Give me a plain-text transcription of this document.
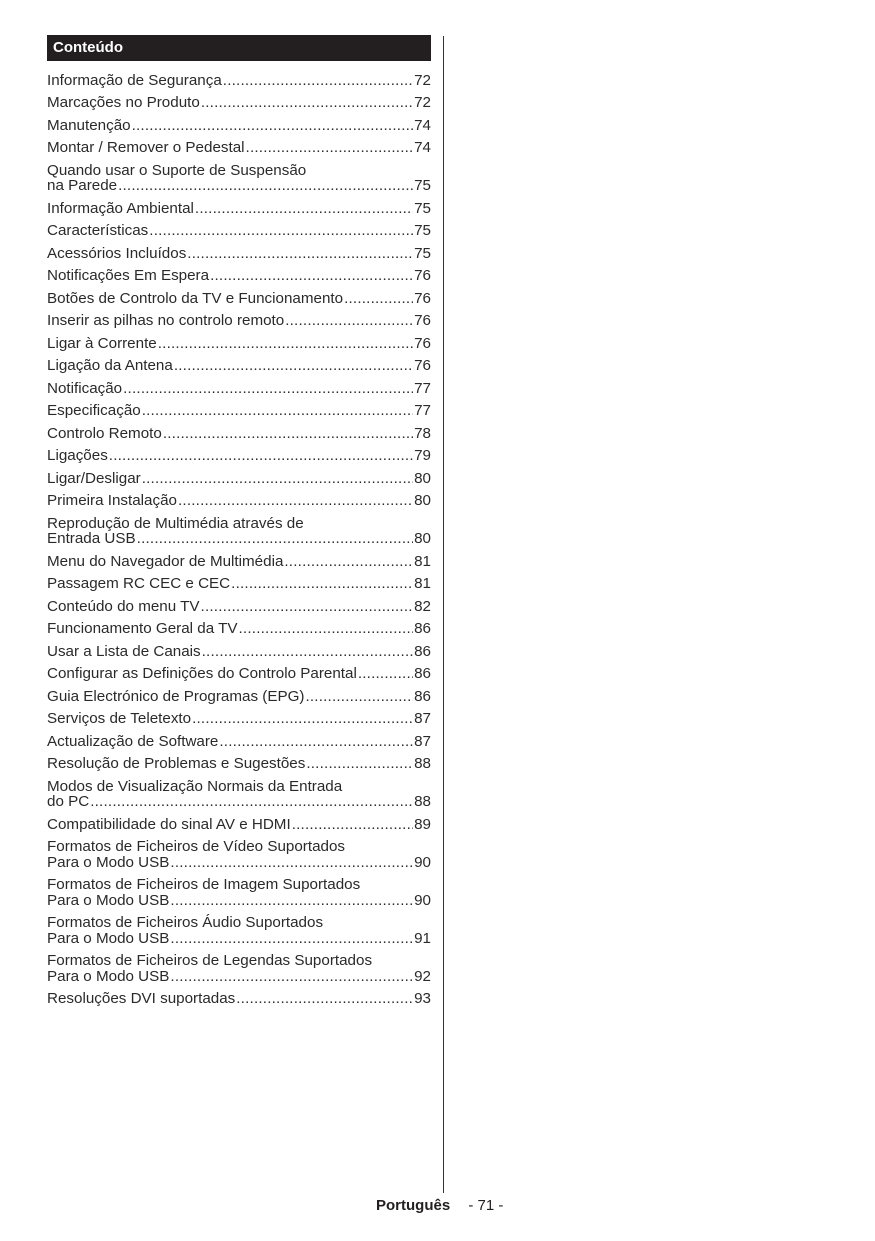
Conteúdo
Informação de Segurança .....	72
Marcações no Produto .....	72
Manutenção .....	74
Montar / Remover o Pedestal .....	74
Quando usar o Suporte de Suspensão
na Parede .....	75
Informação Ambiental .....	75
Características .....	75
Acessórios Incluídos .....	75
Notificações Em Espera .....	76
Botões de Controlo da TV e Funcionamento .....	76
Inserir as pilhas no controlo remoto .....	76
Ligar à Corrente .....	76
Ligação da Antena .....	76
Notificação .....	77
Especificação .....	77
Controlo Remoto .....	78
Ligações .....	79
Ligar/Desligar .....	80
Primeira Instalação .....	80
Reprodução de Multimédia através de
Entrada USB .....	80
Menu do Navegador de Multimédia .....	81
Passagem RC CEC e CEC .....	81
Conteúdo do menu TV .....	82
Funcionamento Geral da TV .....	86
Usar a Lista de Canais .....	86
Configurar as Definições do Controlo Parental .....	86
Guia Electrónico de Programas (EPG) .....	86
Serviços de Teletexto .....	87
Actualização de Software .....	87
Resolução de Problemas e Sugestões .....	88
Modos de Visualização Normais da Entrada
do PC .....	88
Compatibilidade do sinal AV e HDMI .....	89
Formatos de Ficheiros de Vídeo Suportados
Para o Modo USB .....	90
Formatos de Ficheiros de Imagem Suportados
Para o Modo USB .....	90
Formatos de Ficheiros Áudio Suportados
Para o Modo USB .....	91
Formatos de Ficheiros de Legendas Suportados
Para o Modo USB .....	92
Resoluções DVI suportadas .....	93
Português - 71 -
